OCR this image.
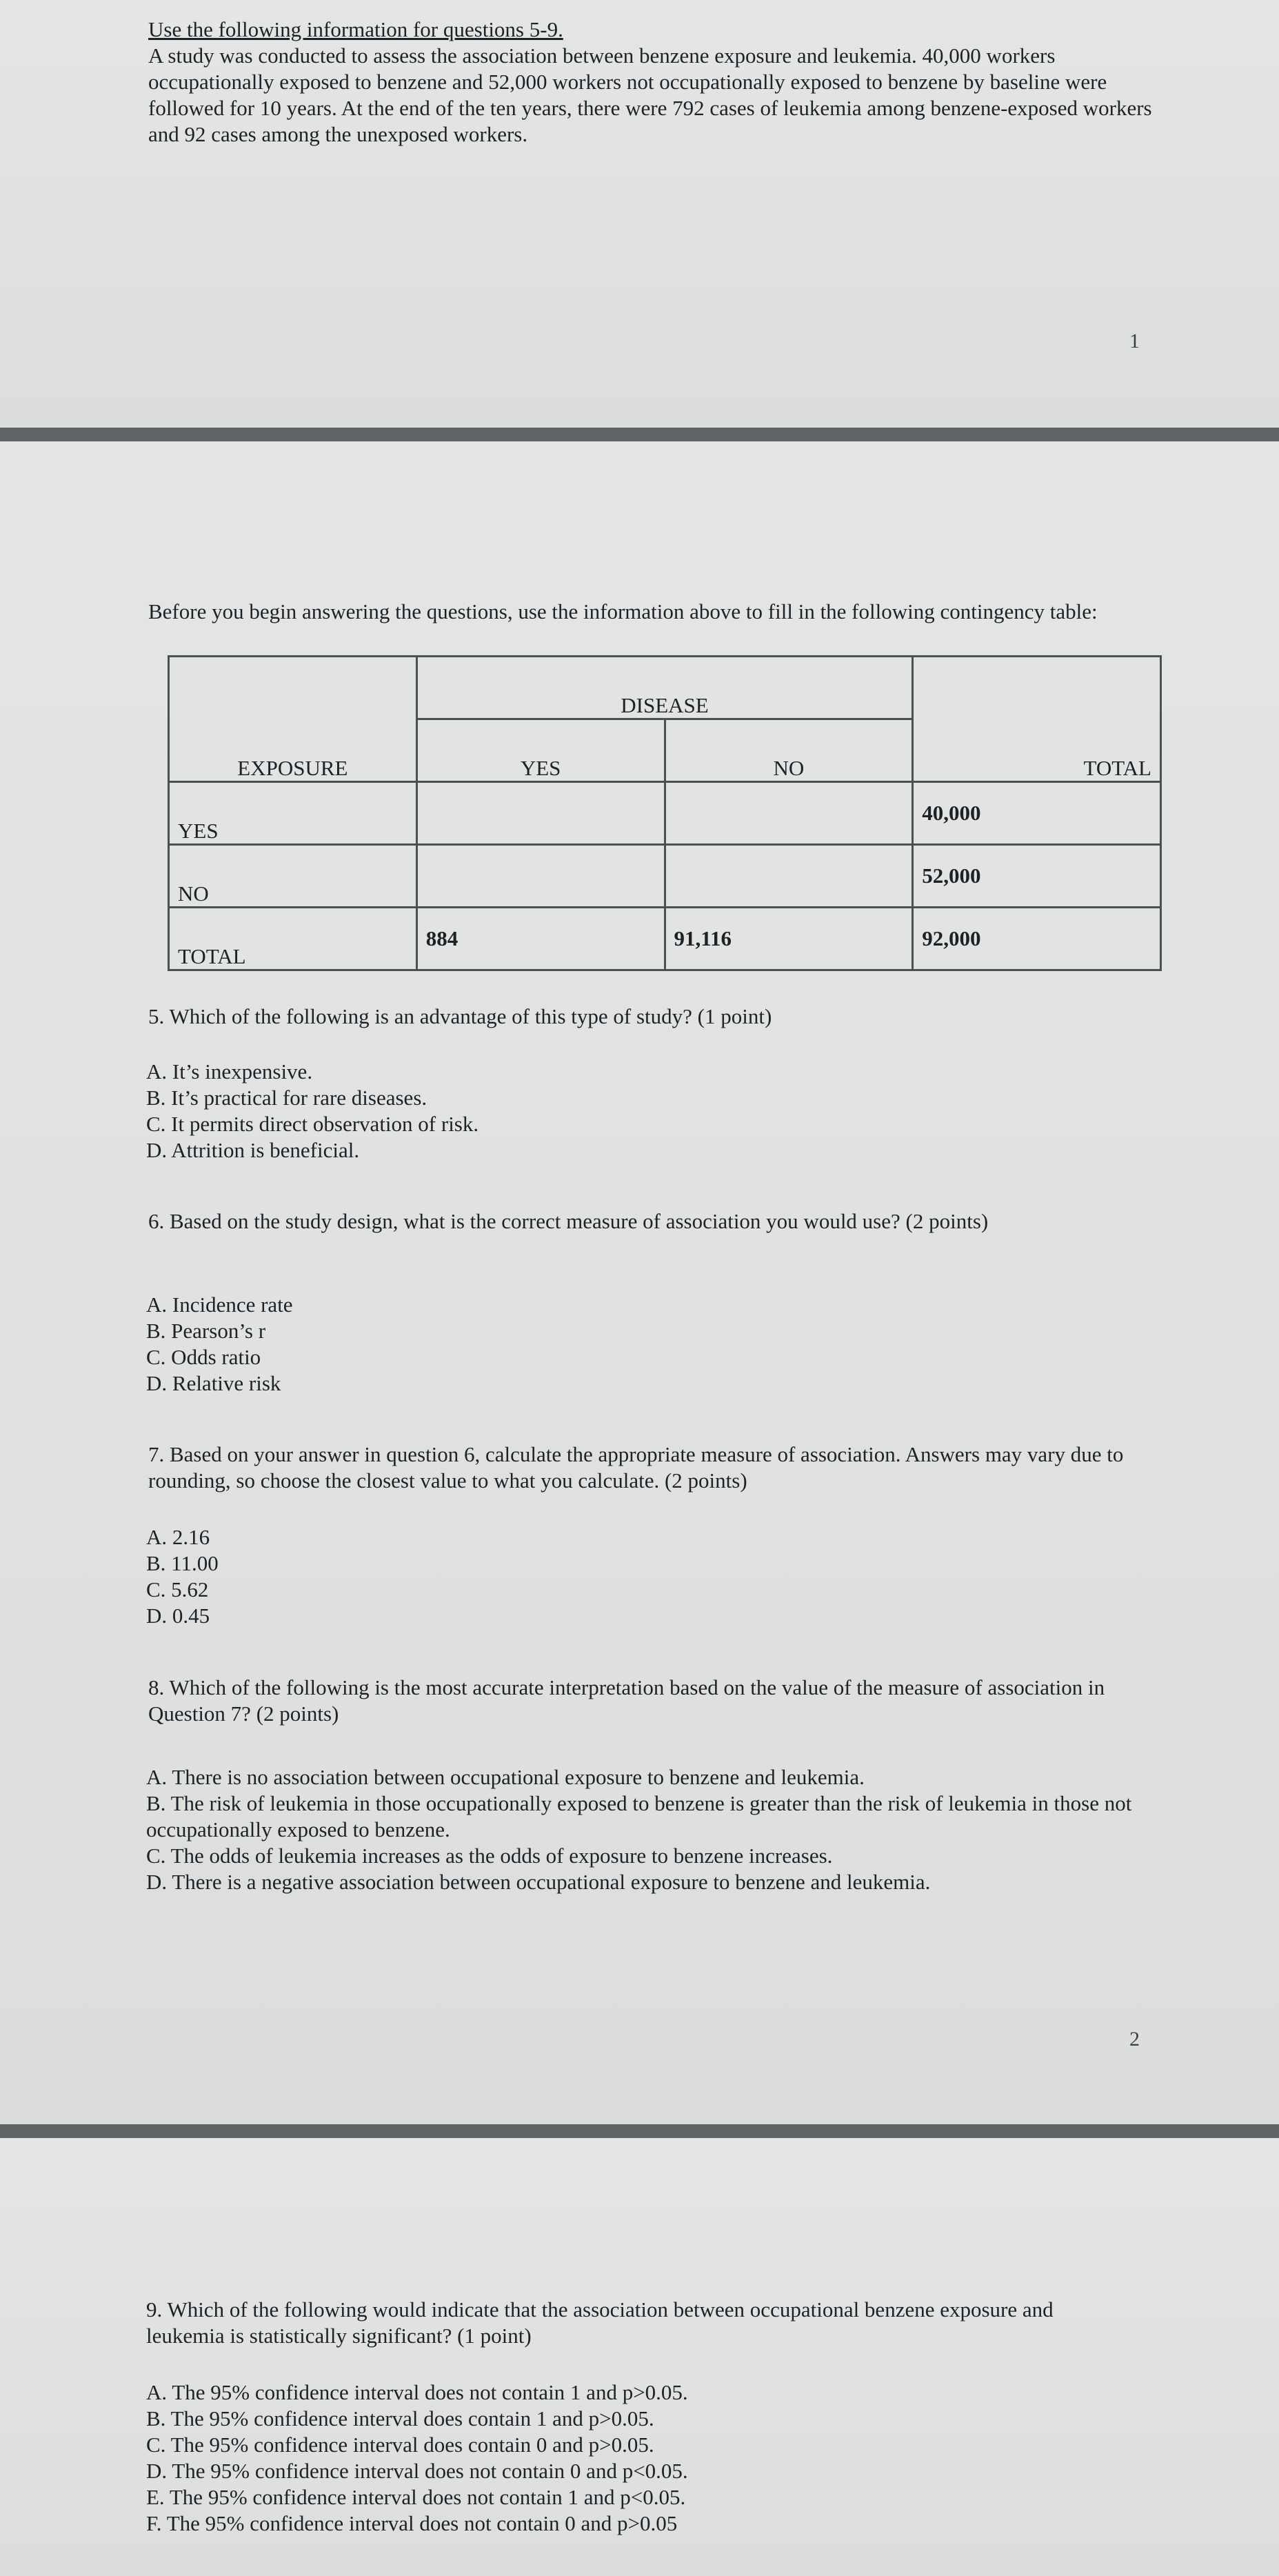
Use the following information for questions 5-9.

A study was conducted to assess the association between benzene exposure and leukemia. 40,000 workers occupationally exposed to benzene and 52,000 workers not occupationally exposed to benzene by baseline were followed for 10 years. At the end of the ten years, there were 792 cases of leukemia among benzene-exposed workers and 92 cases among the unexposed workers.

1
2

Before you begin answering the questions, use the information above to fill in the following contingency table:

	DISEASE		
EXPOSURE	YES	NO	TOTAL
YES			40,000
NO			52,000
TOTAL	884	91,116	92,000

5. Which of the following is an advantage of this type of study? (1 point)

A. It’s inexpensive.
B. It’s practical for rare diseases.
C. It permits direct observation of risk.
D. Attrition is beneficial.

6. Based on the study design, what is the correct measure of association you would use? (2 points)

A. Incidence rate
B. Pearson’s r
C. Odds ratio
D. Relative risk

7. Based on your answer in question 6, calculate the appropriate measure of association. Answers may vary due to rounding, so choose the closest value to what you calculate. (2 points)

A. 2.16
B. 11.00
C. 5.62
D. 0.45

8. Which of the following is the most accurate interpretation based on the value of the measure of association in Question 7? (2 points)

A. There is no association between occupational exposure to benzene and leukemia.
B. The risk of leukemia in those occupationally exposed to benzene is greater than the risk of leukemia in those not occupationally exposed to benzene.
C. The odds of leukemia increases as the odds of exposure to benzene increases.
D. There is a negative association between occupational exposure to benzene and leukemia.

9. Which of the following would indicate that the association between occupational benzene exposure and leukemia is statistically significant? (1 point)

A. The 95% confidence interval does not contain 1 and p>0.05.
B. The 95% confidence interval does contain 1 and p>0.05.
C. The 95% confidence interval does contain 0 and p>0.05.
D. The 95% confidence interval does not contain 0 and p<0.05.
E. The 95% confidence interval does not contain 1 and p<0.05.
F. The 95% confidence interval does not contain 0 and p>0.05
